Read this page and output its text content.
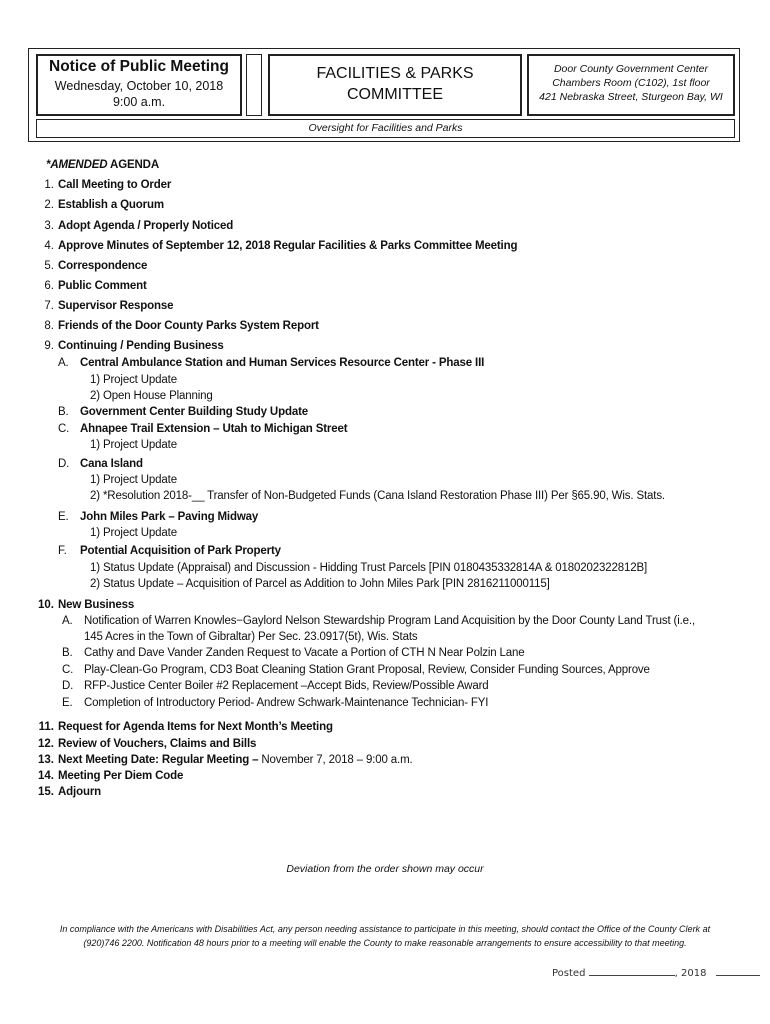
Notice of Public Meeting
Wednesday, October 10, 2018
9:00 a.m.
FACILITIES & PARKS
COMMITTEE
Door County Government Center
Chambers Room (C102), 1st floor
421 Nebraska Street, Sturgeon Bay, WI
Oversight for Facilities and Parks
*AMENDED AGENDA
1. Call Meeting to Order
2. Establish a Quorum
3. Adopt Agenda / Properly Noticed
4. Approve Minutes of September 12, 2018 Regular Facilities & Parks Committee Meeting
5. Correspondence
6. Public Comment
7. Supervisor Response
8. Friends of the Door County Parks System Report
9. Continuing / Pending Business
A. Central Ambulance Station and Human Services Resource Center - Phase III
1) Project Update
2) Open House Planning
B. Government Center Building Study Update
C. Ahnapee Trail Extension – Utah to Michigan Street
1) Project Update
D. Cana Island
1) Project Update
2) *Resolution 2018-__ Transfer of Non-Budgeted Funds (Cana Island Restoration Phase III) Per §65.90, Wis. Stats.
E. John Miles Park – Paving Midway
1) Project Update
F. Potential Acquisition of Park Property
1) Status Update (Appraisal) and Discussion - Hidding Trust Parcels [PIN 0180435332814A & 0180202322812B]
2) Status Update – Acquisition of Parcel as Addition to John Miles Park [PIN 2816211000115]
10. New Business
A. Notification of Warren Knowles−Gaylord Nelson Stewardship Program Land Acquisition by the Door County Land Trust (i.e.,
145 Acres in the Town of Gibraltar) Per Sec. 23.0917(5t), Wis. Stats
B. Cathy and Dave Vander Zanden Request to Vacate a Portion of CTH N Near Polzin Lane
C. Play-Clean-Go Program, CD3 Boat Cleaning Station Grant Proposal, Review, Consider Funding Sources, Approve
D. RFP-Justice Center Boiler #2 Replacement –Accept Bids, Review/Possible Award
E. Completion of Introductory Period- Andrew Schwark-Maintenance Technician- FYI
11. Request for Agenda Items for Next Month’s Meeting
12. Review of Vouchers, Claims and Bills
13. Next Meeting Date: Regular Meeting – November 7, 2018 – 9:00 a.m.
14. Meeting Per Diem Code
15. Adjourn
Deviation from the order shown may occur
In compliance with the Americans with Disabilities Act, any person needing assistance to participate in this meeting, should contact the Office of the County Clerk at
(920)746 2200. Notification 48 hours prior to a meeting will enable the County to make reasonable arrangements to ensure accessibility to that meeting.
Posted	, 2018
